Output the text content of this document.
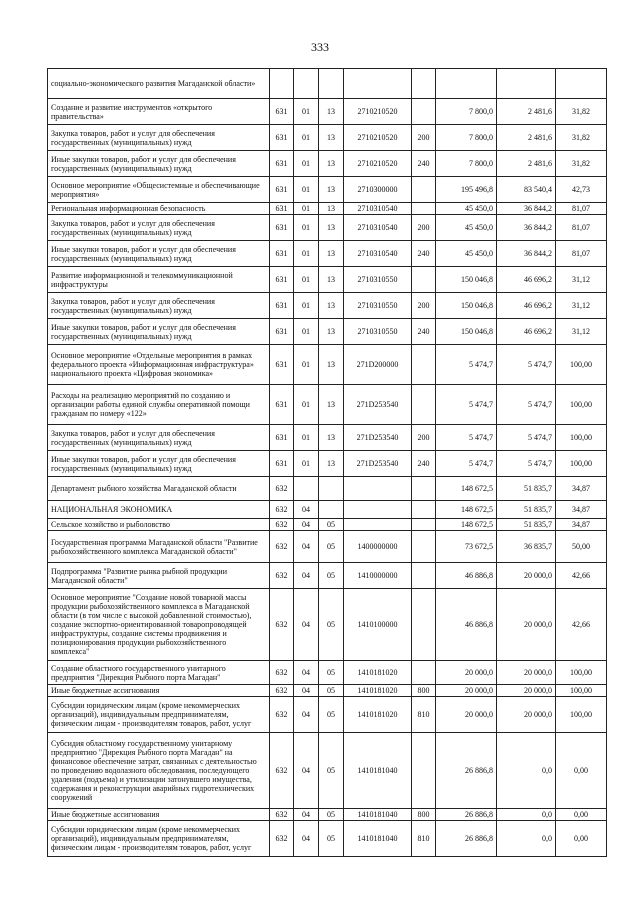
333
социально-экономического развития Магаданской области»								
Создание и развитие инструментов «открытого правительства»	631	01	13	2710210520		7 800,0	2 481,6	31,82
Закупка товаров, работ и услуг для обеспечения государственных (муниципальных) нужд	631	01	13	2710210520	200	7 800,0	2 481,6	31,82
Иные закупки товаров, работ и услуг для обеспечения государственных (муниципальных) нужд	631	01	13	2710210520	240	7 800,0	2 481,6	31,82
Основное мероприятие «Общесистемные и обеспечивающие мероприятия»	631	01	13	2710300000		195 496,8	83 540,4	42,73
Региональная информационная безопасность	631	01	13	2710310540		45 450,0	36 844,2	81,07
Закупка товаров, работ и услуг для обеспечения государственных (муниципальных) нужд	631	01	13	2710310540	200	45 450,0	36 844,2	81,07
Иные закупки товаров, работ и услуг для обеспечения государственных (муниципальных) нужд	631	01	13	2710310540	240	45 450,0	36 844,2	81,07
Развитие информационной и телекоммуникационной инфраструктуры	631	01	13	2710310550		150 046,8	46 696,2	31,12
Закупка товаров, работ и услуг для обеспечения государственных (муниципальных) нужд	631	01	13	2710310550	200	150 046,8	46 696,2	31,12
Иные закупки товаров, работ и услуг для обеспечения государственных (муниципальных) нужд	631	01	13	2710310550	240	150 046,8	46 696,2	31,12
Основное мероприятие «Отдельные мероприятия в рамках федерального проекта «Информационная инфраструктура» национального проекта «Цифровая экономика»	631	01	13	271D200000		5 474,7	5 474,7	100,00
Расходы на реализацию мероприятий по созданию и организации работы единой службы оперативной помощи гражданам по номеру «122»	631	01	13	271D253540		5 474,7	5 474,7	100,00
Закупка товаров, работ и услуг для обеспечения государственных (муниципальных) нужд	631	01	13	271D253540	200	5 474,7	5 474,7	100,00
Иные закупки товаров, работ и услуг для обеспечения государственных (муниципальных) нужд	631	01	13	271D253540	240	5 474,7	5 474,7	100,00
Департамент рыбного хозяйства Магаданской области	632					148 672,5	51 835,7	34,87
НАЦИОНАЛЬНАЯ ЭКОНОМИКА	632	04				148 672,5	51 835,7	34,87
Сельское хозяйство и рыболовство	632	04	05			148 672,5	51 835,7	34,87
Государственная программа Магаданской области "Развитие рыбохозяйственного комплекса Магаданской области"	632	04	05	1400000000		73 672,5	36 835,7	50,00
Подпрограмма "Развитие рынка рыбной продукции Магаданской области"	632	04	05	1410000000		46 886,8	20 000,0	42,66
Основное мероприятие "Создание новой товарной массы продукции рыбохозяйственного комплекса в Магаданской области (в том числе с высокой добавленной стоимостью), создание экспортно-ориентированной товаропроводящей инфраструктуры, создание системы продвижения и позиционирования продукции рыбохозяйственного комплекса"	632	04	05	1410100000		46 886,8	20 000,0	42,66
Создание областного государственного унитарного предприятия "Дирекция Рыбного порта Магадан"	632	04	05	1410181020		20 000,0	20 000,0	100,00
Иные бюджетные ассигнования	632	04	05	1410181020	800	20 000,0	20 000,0	100,00
Субсидии юридическим лицам (кроме некоммерческих организаций), индивидуальным предпринимателям, физическим лицам - производителям товаров, работ, услуг	632	04	05	1410181020	810	20 000,0	20 000,0	100,00
Субсидия областному государственному унитарному предприятию "Дирекция Рыбного порта Магадан" на финансовое обеспечение затрат, связанных с деятельностью по проведению водолазного обследования, последующего удаления (подъема) и утилизации затонувшего имущества, содержания и реконструкции аварийных гидротехнических сооружений	632	04	05	1410181040		26 886,8	0,0	0,00
Иные бюджетные ассигнования	632	04	05	1410181040	800	26 886,8	0,0	0,00
Субсидии юридическим лицам (кроме некоммерческих организаций), индивидуальным предпринимателям, физическим лицам - производителям товаров, работ, услуг	632	04	05	1410181040	810	26 886,8	0,0	0,00
